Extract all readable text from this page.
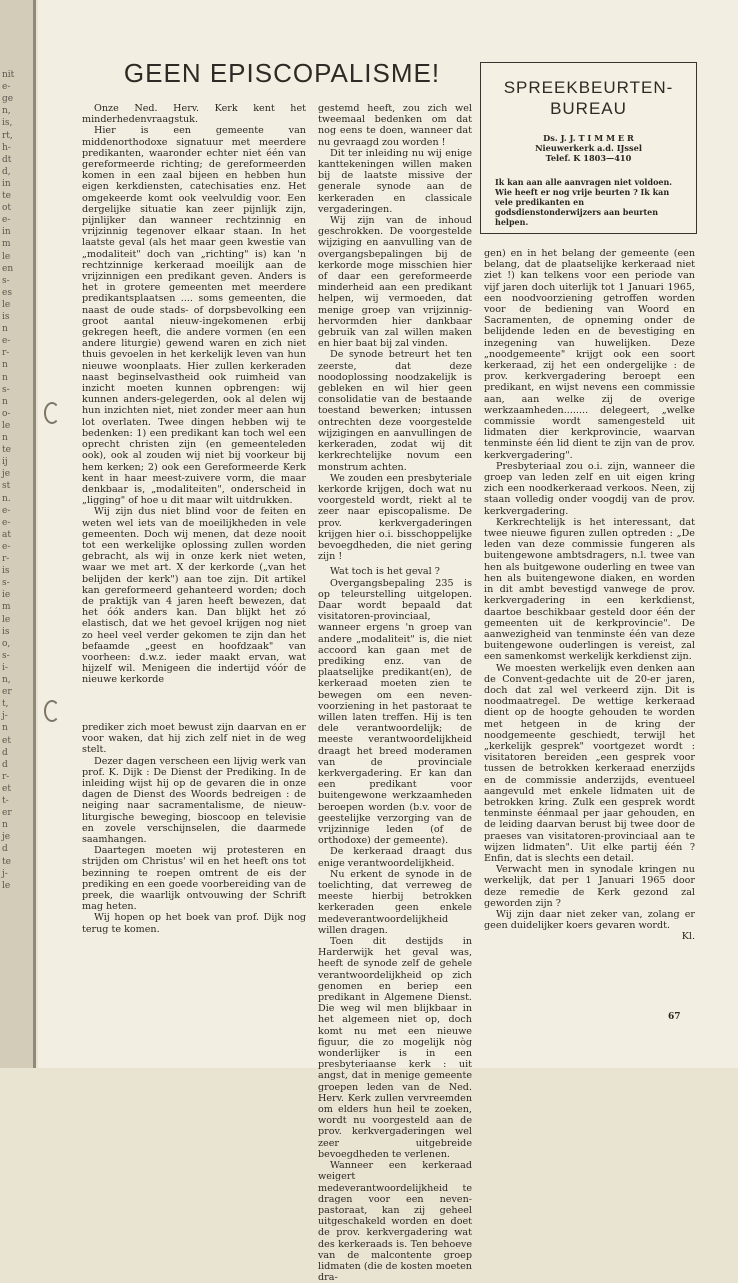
nit
e-
ge
n,
is,
rt,
h-
dt
d,
in
te
ot
e-
in
m
le
en
s-
es
le
is
n
e-
r-
n
n
s-
n
o-
le
n
te
ij
je
st
n.
e-
e-
at
e-
r-
is
s-
ie
m
le
is
o,
s-
i-
n,
er
t,
j-
n
et
d
d
r-
et
t-
er
n
je
d
te
j-
le
GEEN EPISCOPALISME!

Onze Ned. Herv. Kerk kent het minderhedenvraagstuk.

Hier is een gemeente van middenorthodoxe signatuur met meerdere predikanten, waaronder echter niet één van gereformeerde richting; de gereformeerden komen in een zaal bijeen en hebben hun eigen kerkdiensten, catechisaties enz. Het omgekeerde komt ook veelvuldig voor. Een dergelijke situatie kan zeer pijnlijk zijn, pijnlijker dan wanneer rechtzinnig en vrijzinnig tegenover elkaar staan. In het laatste geval (als het maar geen kwestie van „modaliteit" doch van „richting" is) kan 'n rechtzinnige kerkeraad moeilijk aan de vrijzinnigen een predikant geven. Anders is het in grotere gemeenten met meerdere predikantsplaatsen .... soms gemeenten, die naast de oude stads- of dorpsbevolking een groot aantal nieuw-ingekomenen erbij gekregen heeft, die andere vormen (en een andere liturgie) gewend waren en zich niet thuis gevoelen in het kerkelijk leven van hun nieuwe woonplaats. Hier zullen kerkeraden naast beginselvastheid ook ruimheid van inzicht moeten kunnen opbrengen: wij kunnen anders-gelegerden, ook al delen wij hun inzichten niet, niet zonder meer aan hun lot overlaten. Twee dingen hebben wij te bedenken: 1) een predikant kan toch wel een oprecht christen zijn (en gemeenteleden ook), ook al zouden wij niet bij voorkeur bij hem kerken; 2) ook een Gereformeerde Kerk kent in haar meest-zuivere vorm, die maar denkbaar is, „modaliteiten", onderscheid in „ligging" of hoe u dit maar wilt uitdrukken.

Wij zijn dus niet blind voor de feiten en weten wel iets van de moeilijkheden in vele gemeenten. Doch wij menen, dat deze nooit tot een werkelijke oplossing zullen worden gebracht, als wij in onze kerk niet weten, waar we met art. X der kerkorde („van het belijden der kerk") aan toe zijn. Dit artikel kan gereformeerd gehanteerd worden; doch de praktijk van 4 jaren heeft bewezen, dat het óók anders kan. Dan blijkt het zó elastisch, dat we het gevoel krijgen nog niet zo heel veel verder gekomen te zijn dan het befaamde „geest en hoofdzaak" van voorheen: d.w.z. ieder maakt ervan, wat hijzelf wil. Menigeen die indertijd vóór de nieuwe kerkorde

prediker zich moet bewust zijn daarvan en er voor waken, dat hij zich zelf niet in de weg stelt.

Dezer dagen verscheen een lijvig werk van prof. K. Dijk : De Dienst der Prediking. In de inleiding wijst hij op de gevaren die in onze dagen de Dienst des Woords bedreigen : de neiging naar sacramentalisme, de nieuw-liturgische beweging, bioscoop en televisie en zovele verschijnselen, die daarmede saamhangen.

Daartegen moeten wij protesteren en strijden om Christus' wil en het heeft ons tot bezinning te roepen omtrent de eis der prediking en een goede voorbereiding van de preek, die waarlijk ontvouwing der Schrift mag heten.

Wij hopen op het boek van prof. Dijk nog terug te komen.

gestemd heeft, zou zich wel tweemaal bedenken om dat nog eens te doen, wanneer dat nu gevraagd zou worden !

Dit ter inleiding nu wij enige kanttekeningen willen maken bij de laatste missive der generale synode aan de kerkeraden en classicale vergaderingen.

Wij zijn van de inhoud geschrokken. De voorgestelde wijziging en aanvulling van de overgangsbepalingen bij de kerkorde moge misschien hier of daar een gereformeerde minderheid aan een predikant helpen, wij vermoeden, dat menige groep van vrijzinnig-hervormden hier dankbaar gebruik van zal willen maken en hier baat bij zal vinden.

De synode betreurt het ten zeerste, dat deze noodoplossing noodzakelijk is gebleken en wil hier geen consolidatie van de bestaande toestand bewerken; intussen ontrechten deze voorgestelde wijzigingen en aanvullingen de kerkeraden, zodat wij dit kerkrechtelijke novum een monstrum achten.

We zouden een presbyteriale kerkorde krijgen, doch wat nu voorgesteld wordt, riekt al te zeer naar episcopalisme. De prov. kerkvergaderingen krijgen hier o.i. bisschoppelijke bevoegdheden, die niet gering zijn !

Wat toch is het geval ?

Overgangsbepaling 235 is op teleurstelling uitgelopen. Daar wordt bepaald dat visitatoren-provinciaal, wanneer ergens 'n groep van andere „modaliteit" is, die niet accoord kan gaan met de prediking enz. van de plaatselijke predikant(en), de kerkeraad moeten zien te bewegen om een neven-voorziening in het pastoraat te willen laten treffen. Hij is ten dele verantwoordelijk; de meeste verantwoordelijkheid draagt het breed moderamen van de provinciale kerkvergadering. Er kan dan een predikant voor buitengewone werkzaamheden beroepen worden (b.v. voor de geestelijke verzorging van de vrijzinnige leden (of de orthodoxe) der gemeente).

De kerkeraad draagt dus enige verantwoordelijkheid.

Nu erkent de synode in de toelichting, dat verreweg de meeste hierbij betrokken kerkeraden geen enkele medeverantwoordelijkheid willen dragen.

Toen dit destijds in Harderwijk het geval was, heeft de synode zelf de gehele verantwoordelijkheid op zich genomen en beriep een predikant in Algemene Dienst. Die weg wil men blijkbaar in het algemeen niet op, doch komt nu met een nieuwe figuur, die zo mogelijk nòg wonderlijker is in een presbyteriaanse kerk : uit angst, dat in menige gemeente groepen leden van de Ned. Herv. Kerk zullen vervreemden om elders hun heil te zoeken, wordt nu voorgesteld aan de prov. kerkvergaderingen wel zeer uitgebreide bevoegdheden te verlenen.

Wanneer een kerkeraad weigert medeverantwoordelijkheid te dragen voor een neven-pastoraat, kan zij geheel uitgeschakeld worden en doet de prov. kerkvergadering wat des kerkeraads is. Ten behoeve van de malcontente groep lidmaten (die de kosten moeten dra-

SPREEKBEURTEN-BUREAU
Ds. J. J. T I M M E R
Nieuwerkerk a.d. IJssel
Telef. K 1803—410
Ik kan aan alle aanvragen niet voldoen. Wie heeft er nog vrije beurten ? Ik kan vele predikanten en godsdienstonderwijzers aan beurten helpen.

gen) en in het belang der gemeente (een belang, dat de plaatselijke kerkeraad niet ziet !) kan telkens voor een periode van vijf jaren doch uiterlijk tot 1 Januari 1965, een noodvoorziening getroffen worden voor de bediening van Woord en Sacramenten, de opneming onder de belijdende leden en de bevestiging en inzegening van huwelijken. Deze „noodgemeente" krijgt ook een soort kerkeraad, zij het een ondergelijke : de prov. kerkvergadering beroept een predikant, en wijst nevens een commissie aan, aan welke zij de overige werkzaamheden........ delegeert, „welke commissie wordt samengesteld uit lidmaten dier kerkprovincie, waarvan tenminste één lid dient te zijn van de prov. kerkvergadering".

Presbyteriaal zou o.i. zijn, wanneer die groep van leden zelf en uit eigen kring zich een noodkerkeraad verkoos. Neen, zij staan volledig onder voogdij van de prov. kerkvergadering.

Kerkrechtelijk is het interessant, dat twee nieuwe figuren zullen optreden : „De leden van deze commissie fungeren als buitengewone ambtsdragers, n.l. twee van hen als buitgewone ouderling en twee van hen als buitengewone diaken, en worden in dit ambt bevestigd vanwege de prov. kerkvergadering in een kerkdienst, daartoe beschikbaar gesteld door één der gemeenten uit de kerkprovincie". De aanwezigheid van tenminste één van deze buitengewone ouderlingen is vereist, zal een samenkomst werkelijk kerkdienst zijn.

We moesten werkelijk even denken aan de Convent-gedachte uit de 20-er jaren, doch dat zal wel verkeerd zijn. Dit is noodmaatregel. De wettige kerkeraad dient op de hoogte gehouden te worden met hetgeen in de kring der noodgemeente geschiedt, terwijl het „kerkelijk gesprek" voortgezet wordt : visitatoren bereiden „een gesprek voor tussen de betrokken kerkeraad enerzijds en de commissie anderzijds, eventueel aangevuld met enkele lidmaten uit de betrokken kring. Zulk een gesprek wordt tenminste éénmaal per jaar gehouden, en de leiding daarvan berust bij twee door de praeses van visitatoren-provinciaal aan te wijzen lidmaten". Uit elke partij één ? Enfin, dat is slechts een detail.

Verwacht men in synodale kringen nu werkelijk, dat per 1 Januari 1965 door deze remedie de Kerk gezond zal geworden zijn ?

Wij zijn daar niet zeker van, zolang er geen duidelijker koers gevaren wordt.
Kl.

67
